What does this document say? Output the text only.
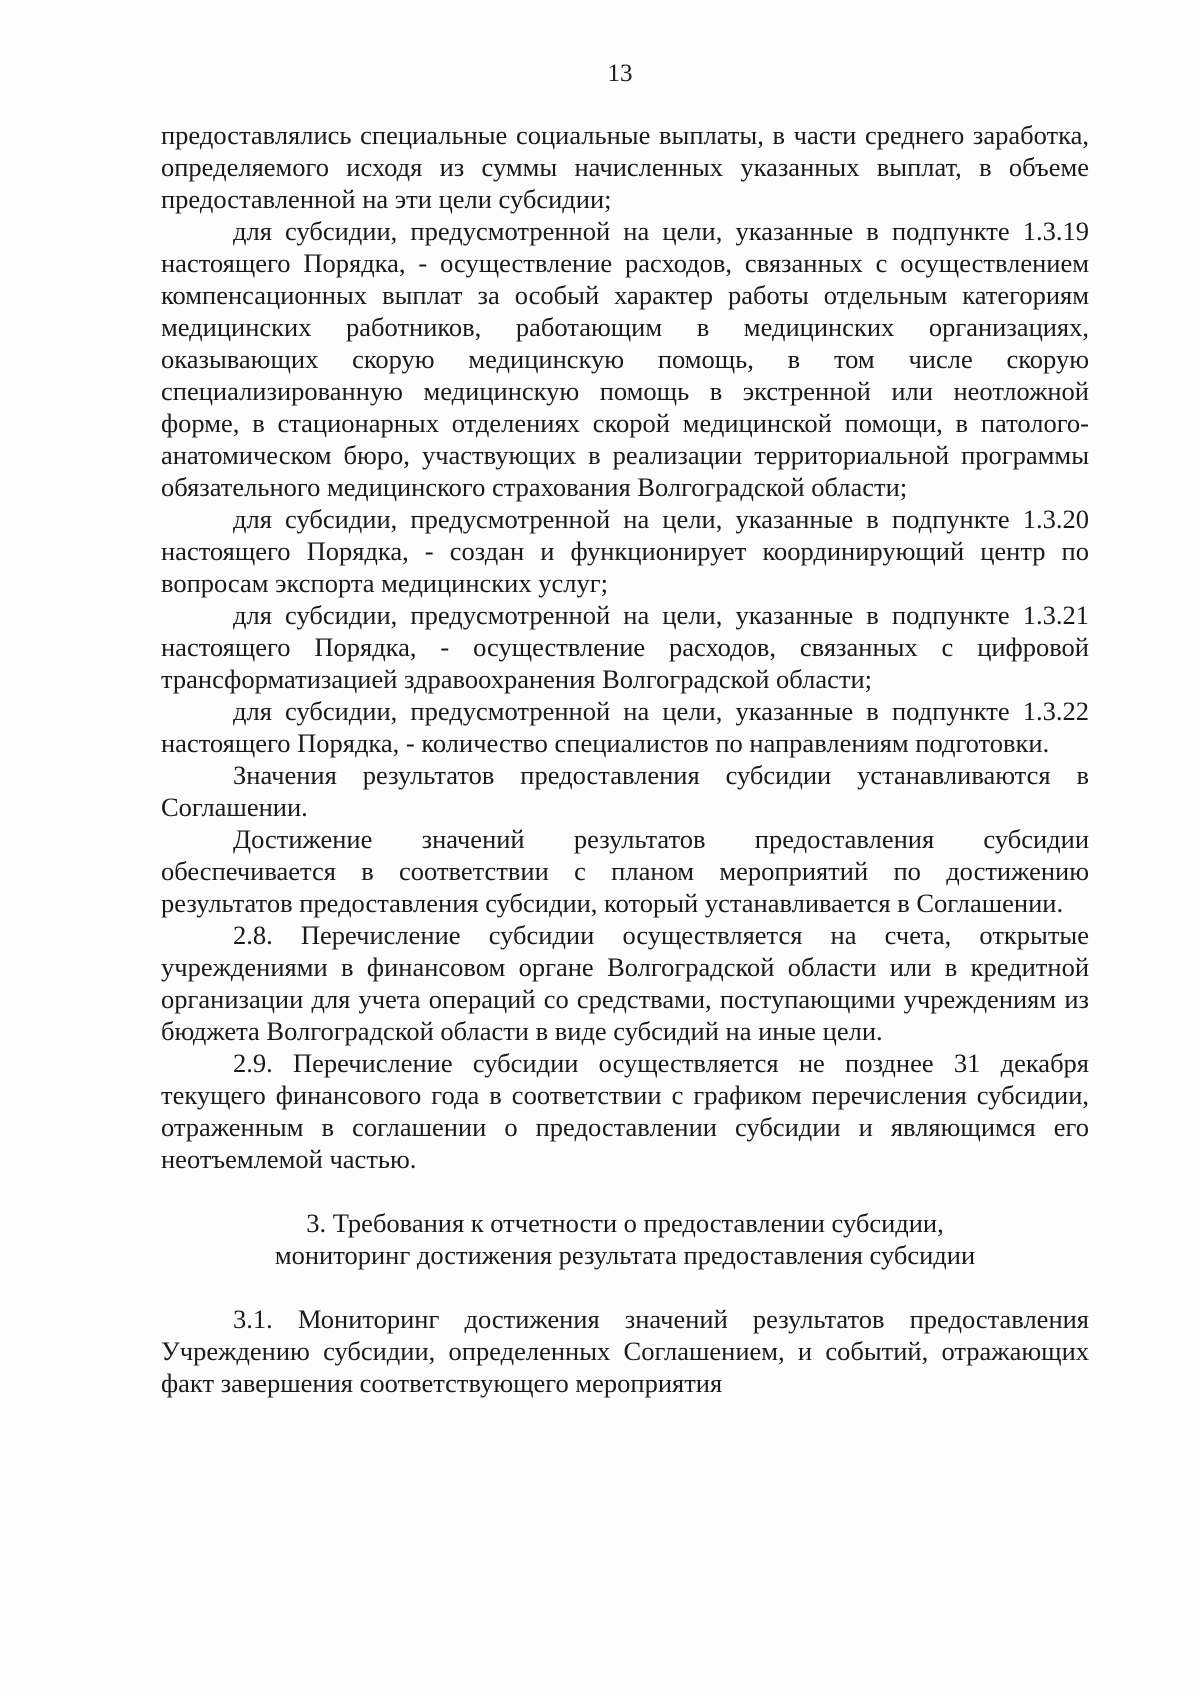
13

предоставлялись специальные социальные выплаты, в части среднего заработка, определяемого исходя из суммы начисленных указанных выплат, в объеме предоставленной на эти цели субсидии;

для субсидии, предусмотренной на цели, указанные в подпункте 1.3.19 настоящего Порядка, - осуществление расходов, связанных с осуществлением компенсационных выплат за особый характер работы отдельным категориям медицинских работников, работающим в медицинских организациях, оказывающих скорую медицинскую помощь, в том числе скорую специализированную медицинскую помощь в экстренной или неотложной форме, в стационарных отделениях скорой медицинской помощи, в патолого-анатомическом бюро, участвующих в реализации территориальной программы обязательного медицинского страхования Волгоградской области;

для субсидии, предусмотренной на цели, указанные в подпункте 1.3.20 настоящего Порядка, - создан и функционирует координирующий центр по вопросам экспорта медицинских услуг;

для субсидии, предусмотренной на цели, указанные в подпункте 1.3.21 настоящего Порядка, - осуществление расходов, связанных с цифровой трансформатизацией здравоохранения Волгоградской области;

для субсидии, предусмотренной на цели, указанные в подпункте 1.3.22 настоящего Порядка, - количество специалистов по направлениям подготовки.

Значения результатов предоставления субсидии устанавливаются в Соглашении.

Достижение значений результатов предоставления субсидии обеспечивается в соответствии с планом мероприятий по достижению результатов предоставления субсидии, который устанавливается в Соглашении.

2.8. Перечисление субсидии осуществляется на счета, открытые учреждениями в финансовом органе Волгоградской области или в кредитной организации для учета операций со средствами, поступающими учреждениям из бюджета Волгоградской области в виде субсидий на иные цели.

2.9. Перечисление субсидии осуществляется не позднее 31 декабря текущего финансового года в соответствии с графиком перечисления субсидии, отраженным в соглашении о предоставлении субсидии и являющимся его неотъемлемой частью.

3. Требования к отчетности о предоставлении субсидии,
мониторинг достижения результата предоставления субсидии

3.1. Мониторинг достижения значений результатов предоставления Учреждению субсидии, определенных Соглашением, и событий, отражающих факт завершения соответствующего мероприятия
